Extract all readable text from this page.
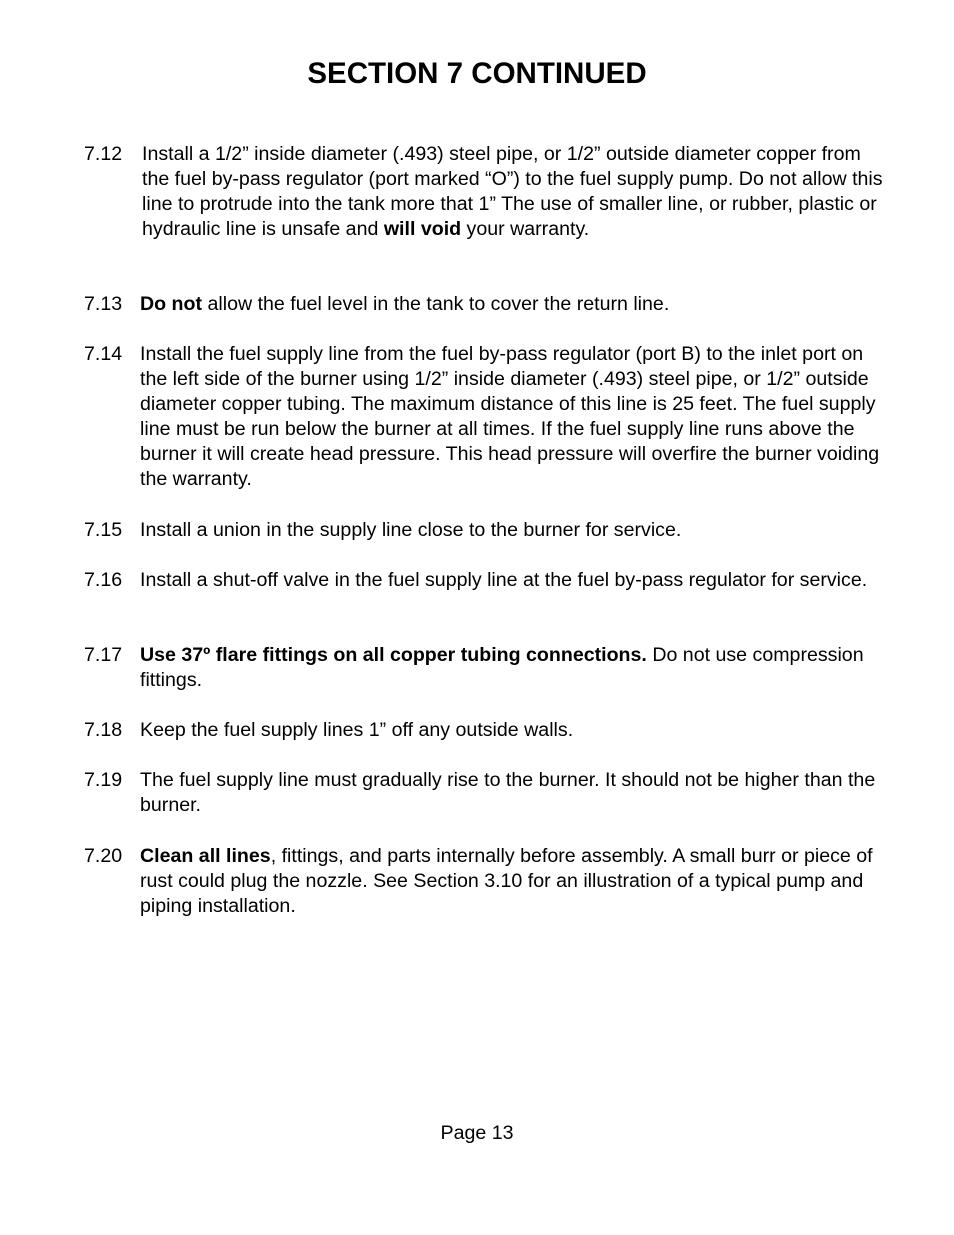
SECTION 7 CONTINUED
7.12	Install a 1/2” inside diameter (.493) steel pipe, or 1/2” outside diameter copper from the fuel by-pass regulator (port marked “O”) to the fuel supply pump. Do not allow this line to protrude into the tank more that 1” The use of smaller line, or rubber, plastic or hydraulic line is unsafe and will void your warranty.
7.13 Do not allow the fuel level in the tank to cover the return line.
7.14 Install the fuel supply line from the fuel by-pass regulator (port B) to the inlet port on the left side of the burner using 1/2” inside diameter (.493) steel pipe, or 1/2” outside diameter copper tubing. The maximum distance of this line is 25 feet. The fuel supply line must be run below the burner at all times. If the fuel supply line runs above the burner it will create head pressure. This head pressure will overfire the burner voiding the warranty.
7.15 Install a union in the supply line close to the burner for service.
7.16 Install a shut-off valve in the fuel supply line at the fuel by-pass regulator for service.
7.17 Use 37º flare fittings on all copper tubing connections. Do not use compression fittings.
7.18 Keep the fuel supply lines 1” off any outside walls.
7.19 The fuel supply line must gradually rise to the burner. It should not be higher than the burner.
7.20 Clean all lines, fittings, and parts internally before assembly. A small burr or piece of rust could plug the nozzle. See Section 3.10 for an illustration of a typical pump and piping installation.
Page 13
